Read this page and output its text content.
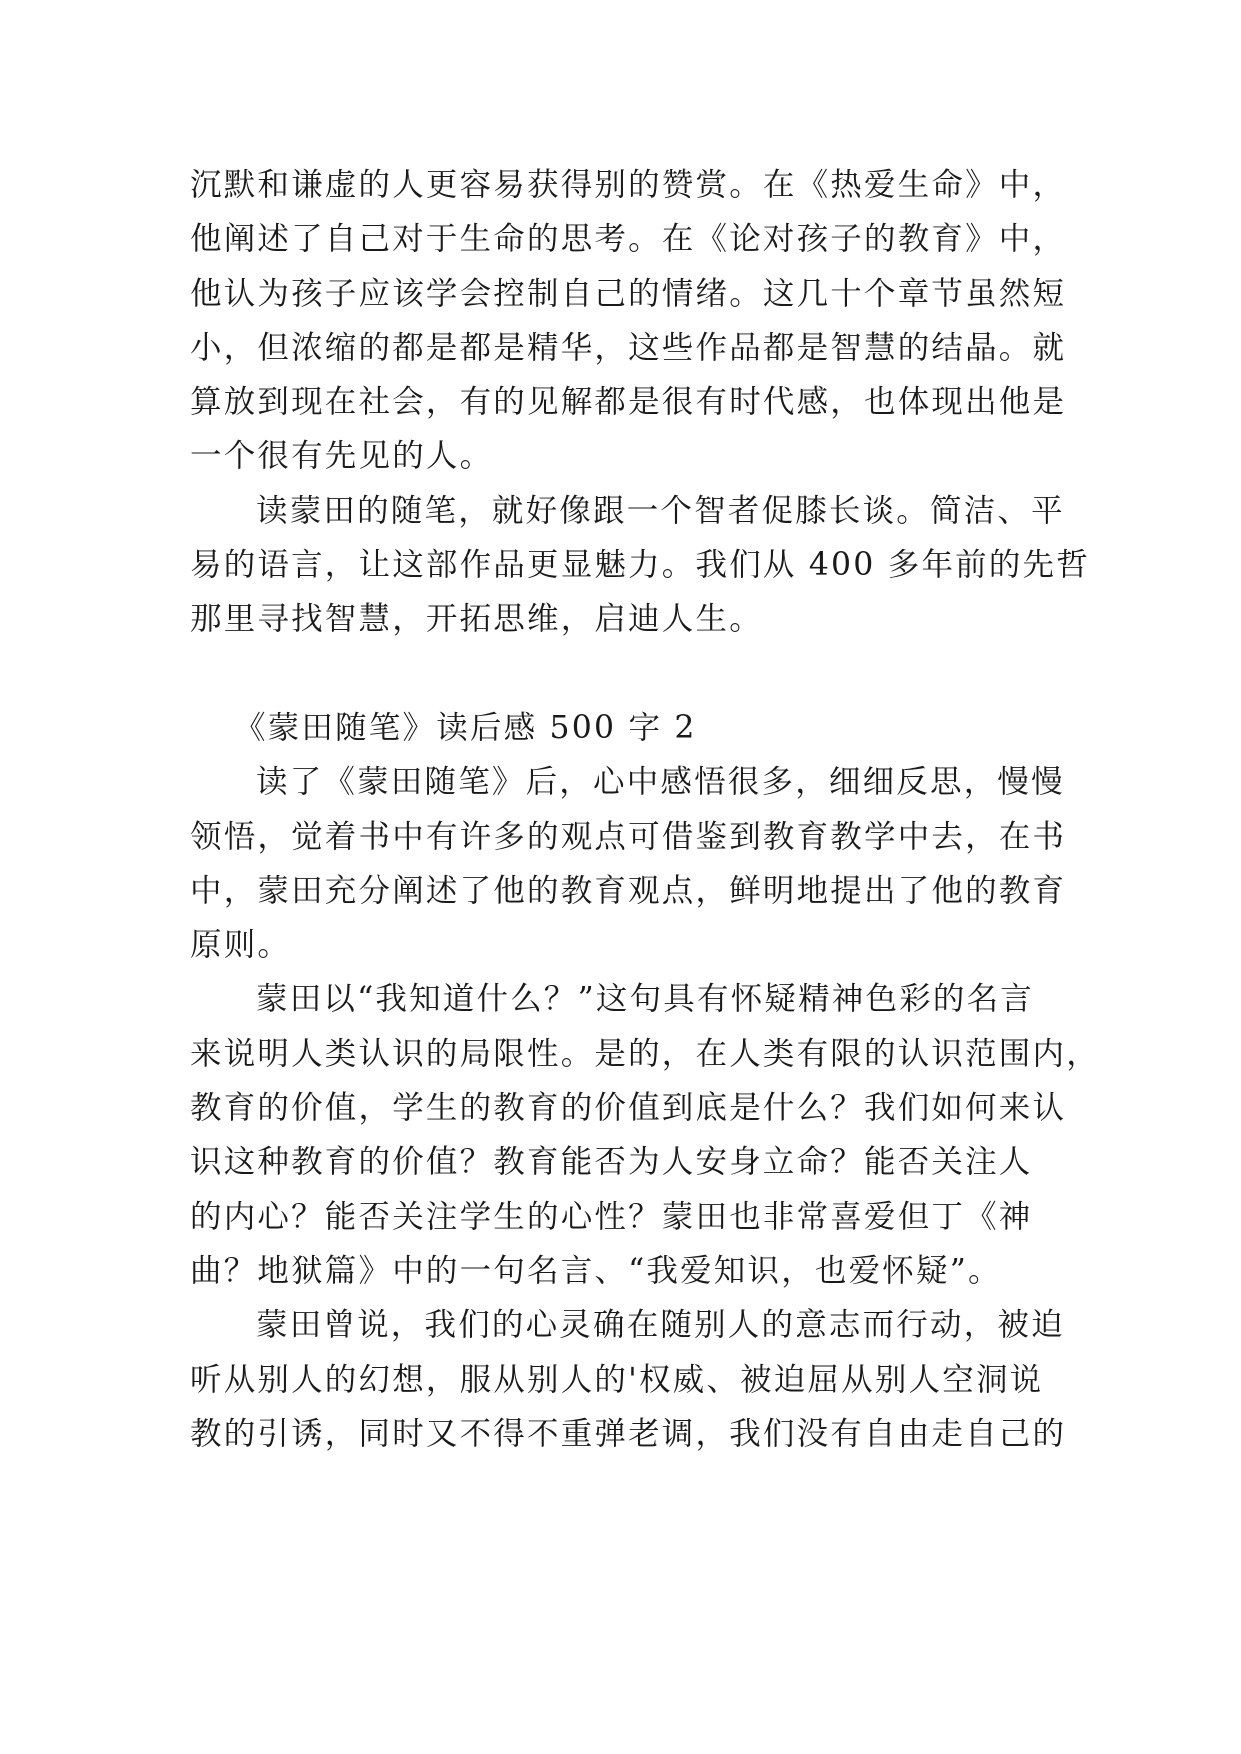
沉默和谦虚的人更容易获得别的赞赏。在《热爱生命》中，
他阐述了自己对于生命的思考。在《论对孩子的教育》中，
他认为孩子应该学会控制自己的情绪。这几十个章节虽然短
小，但浓缩的都是都是精华，这些作品都是智慧的结晶。就
算放到现在社会，有的见解都是很有时代感，也体现出他是
一个很有先见的人。
读蒙田的随笔，就好像跟一个智者促膝长谈。简洁、平
易的语言，让这部作品更显魅力。我们从 400 多年前的先哲
那里寻找智慧，开拓思维，启迪人生。
《蒙田随笔》读后感 500 字 2
读了《蒙田随笔》后，心中感悟很多，细细反思，慢慢
领悟，觉着书中有许多的观点可借鉴到教育教学中去，在书
中，蒙田充分阐述了他的教育观点，鲜明地提出了他的教育
原则。
蒙田以“我知道什么？”这句具有怀疑精神色彩的名言
来说明人类认识的局限性。是的，在人类有限的认识范围内，
教育的价值，学生的教育的价值到底是什么？我们如何来认
识这种教育的价值？教育能否为人安身立命？能否关注人
的内心？能否关注学生的心性？蒙田也非常喜爱但丁《神
曲？地狱篇》中的一句名言、“我爱知识，也爱怀疑”。
蒙田曾说，我们的心灵确在随别人的意志而行动，被迫
听从别人的幻想，服从别人的'权威、被迫屈从别人空洞说
教的引诱，同时又不得不重弹老调，我们没有自由走自己的
